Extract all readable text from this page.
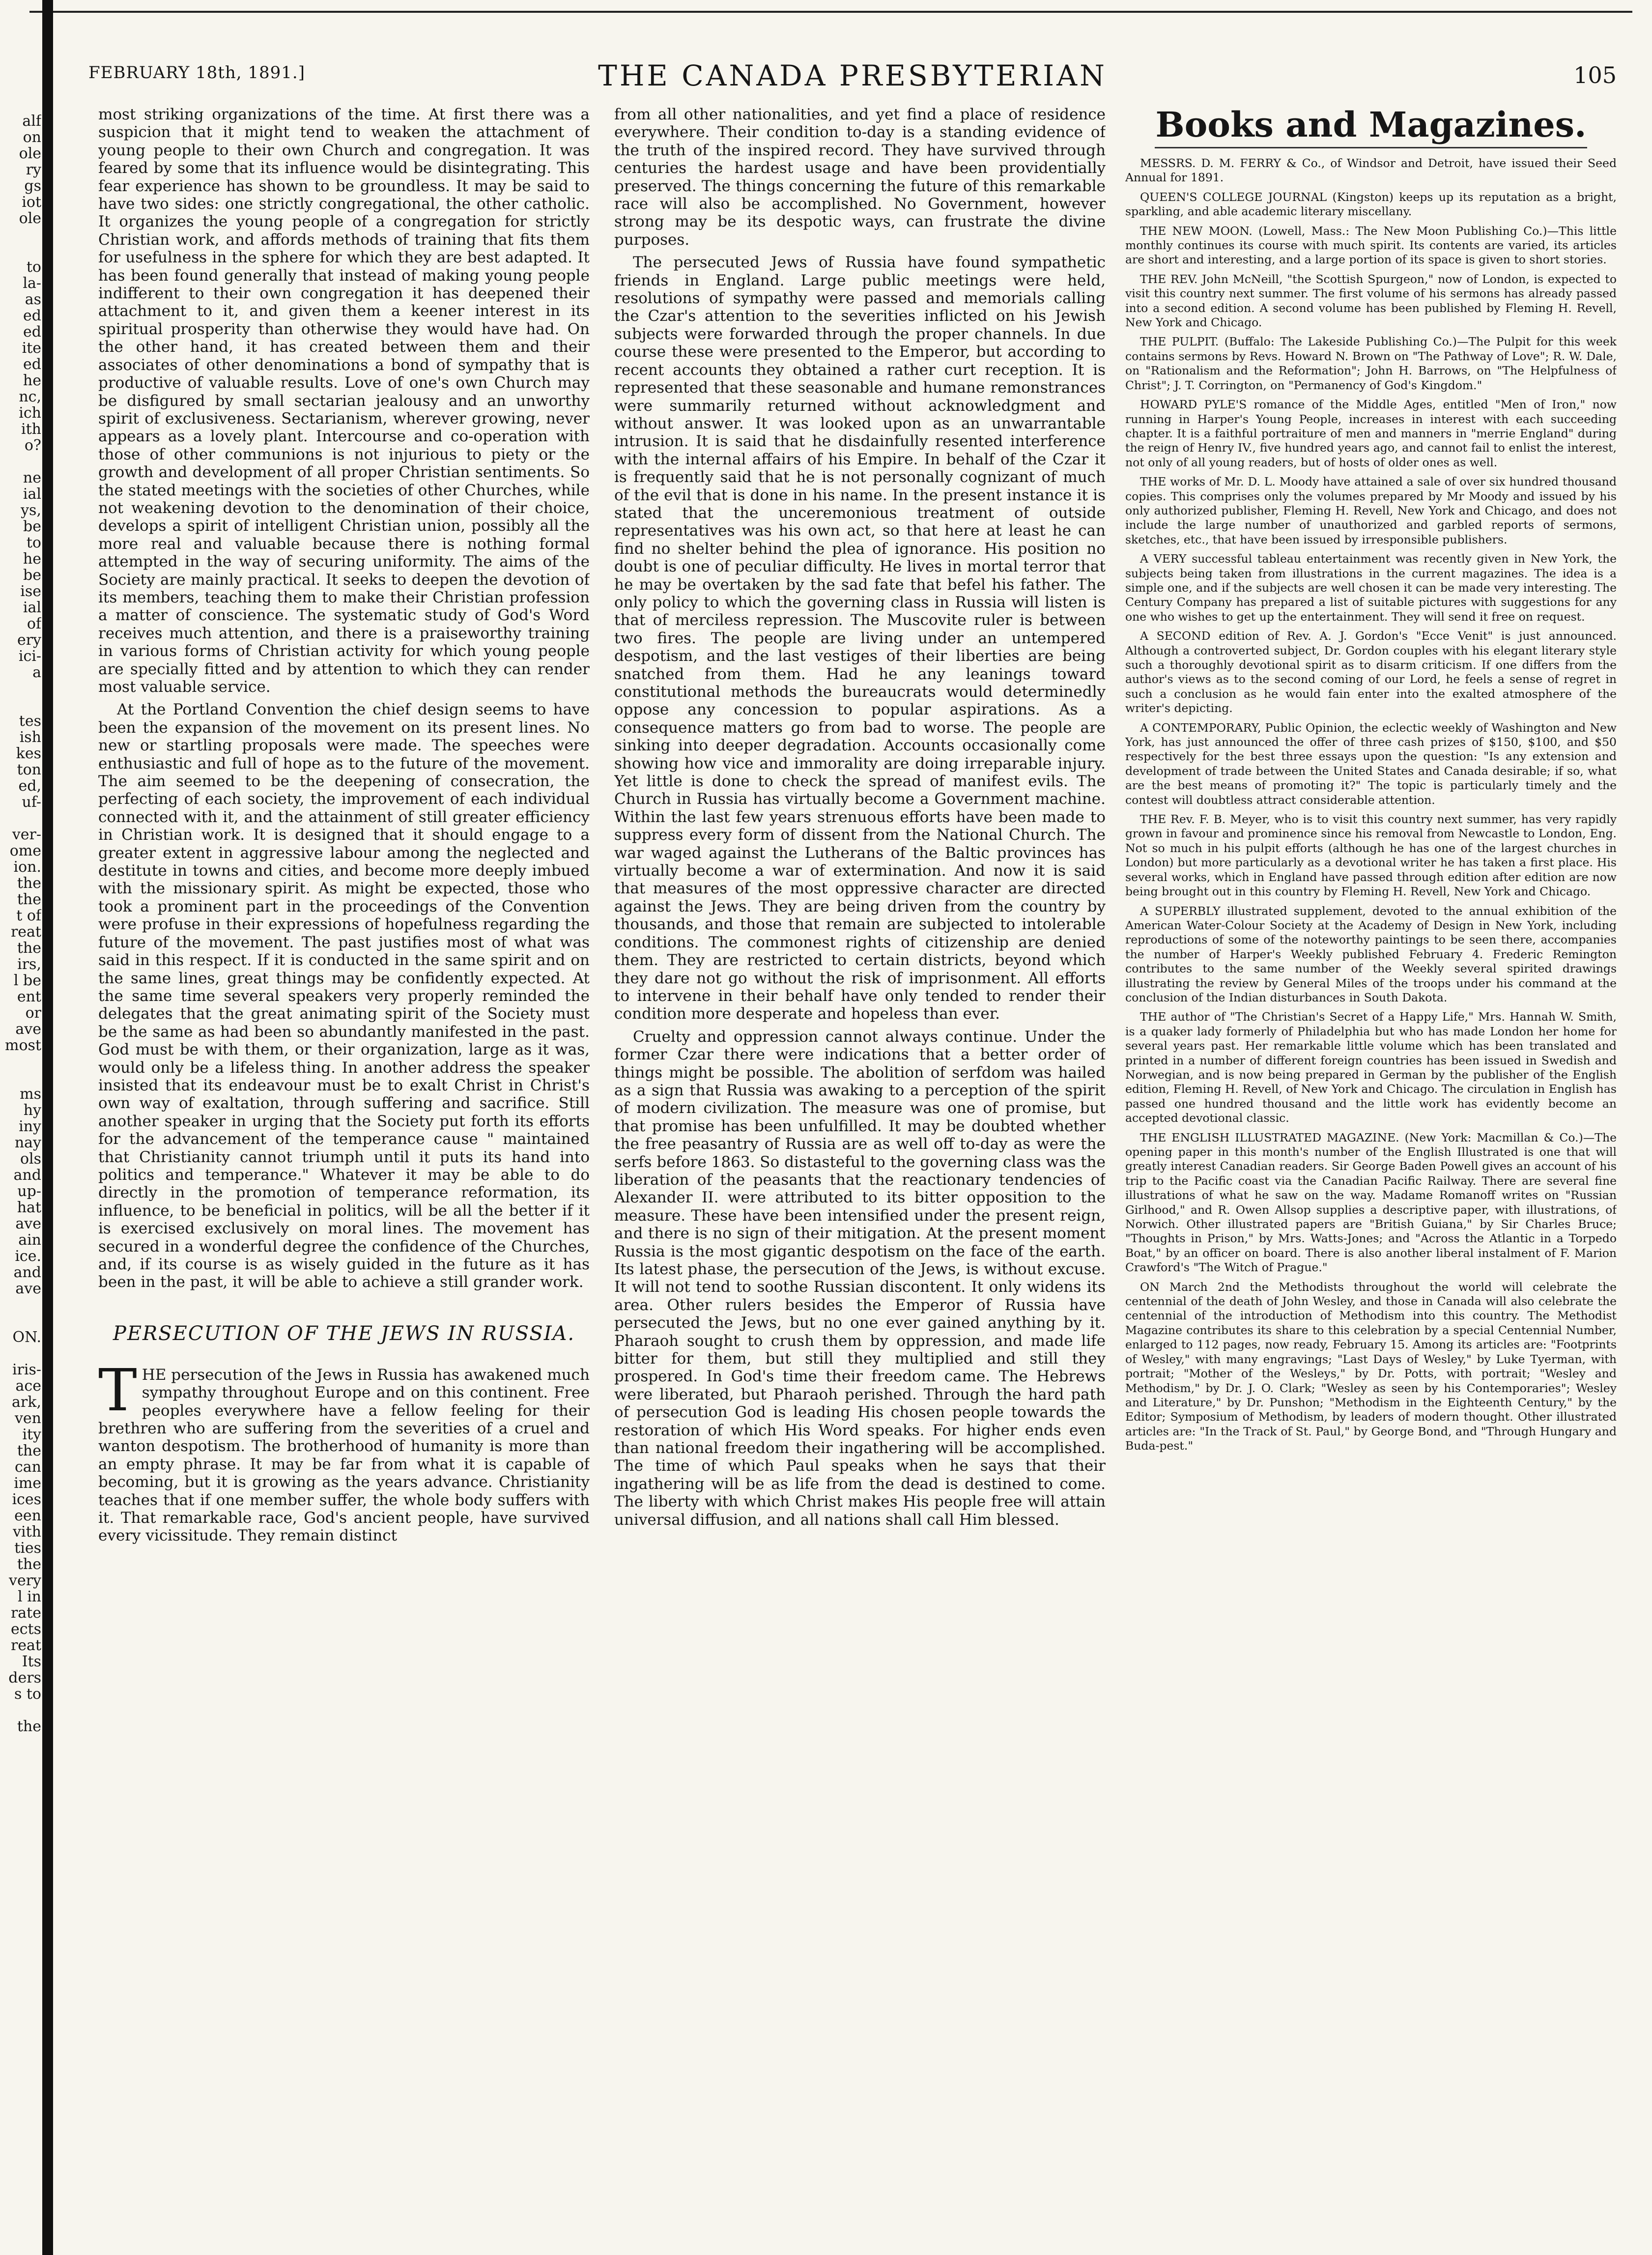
alf
on
ole
ry
gs
iot
ole
to
la-
as
ed
ed
ite
ed
he
nc,
ich
ith
o?
ne
ial
ys,
be
to
he
be
ise
ial
of
ery
ici-
a
tes
ish
kes
ton
ed,
uf-
ver-
ome
ion.
the
the
t of
reat
the
irs,
l be
ent
or
ave
most
ms
hy
iny
nay
ols
and
up-
hat
ave
ain
ice.
and
ave
ON.
iris-
ace
ark,
ven
ity
the
can
ime
ices
een
vith
ties
the
very
l in
rate
ects
reat
Its
ders
s to
the
FEBRUARY 18th, 1891.]	THE CANADA PRESBYTERIAN	105

most striking organizations of the time. At first there was a suspicion that it might tend to weaken the attachment of young people to their own Church and congregation. It was feared by some that its influence would be disintegrating. This fear experience has shown to be groundless. It may be said to have two sides: one strictly congregational, the other catholic. It organizes the young people of a congregation for strictly Christian work, and affords methods of training that fits them for usefulness in the sphere for which they are best adapted. It has been found generally that instead of making young people indifferent to their own congregation it has deepened their attachment to it, and given them a keener interest in its spiritual prosperity than otherwise they would have had. On the other hand, it has created between them and their associates of other denominations a bond of sympathy that is productive of valuable results. Love of one's own Church may be disfigured by small sectarian jealousy and an unworthy spirit of exclusiveness. Sectarianism, wherever growing, never appears as a lovely plant. Intercourse and co-operation with those of other communions is not injurious to piety or the growth and development of all proper Christian sentiments. So the stated meetings with the societies of other Churches, while not weakening devotion to the denomination of their choice, develops a spirit of intelligent Christian union, possibly all the more real and valuable because there is nothing formal attempted in the way of securing uniformity. The aims of the Society are mainly practical. It seeks to deepen the devotion of its members, teaching them to make their Christian profession a matter of conscience. The systematic study of God's Word receives much attention, and there is a praiseworthy training in various forms of Christian activity for which young people are specially fitted and by attention to which they can render most valuable service.

At the Portland Convention the chief design seems to have been the expansion of the movement on its present lines. No new or startling proposals were made. The speeches were enthusiastic and full of hope as to the future of the movement. The aim seemed to be the deepening of consecration, the perfecting of each society, the improvement of each individual connected with it, and the attainment of still greater efficiency in Christian work. It is designed that it should engage to a greater extent in aggressive labour among the neglected and destitute in towns and cities, and become more deeply imbued with the missionary spirit. As might be expected, those who took a prominent part in the proceedings of the Convention were profuse in their expressions of hopefulness regarding the future of the movement. The past justifies most of what was said in this respect. If it is conducted in the same spirit and on the same lines, great things may be confidently expected. At the same time several speakers very properly reminded the delegates that the great animating spirit of the Society must be the same as had been so abundantly manifested in the past. God must be with them, or their organization, large as it was, would only be a lifeless thing. In another address the speaker insisted that its endeavour must be to exalt Christ in Christ's own way of exaltation, through suffering and sacrifice. Still another speaker in urging that the Society put forth its efforts for the advancement of the temperance cause " maintained that Christianity cannot triumph until it puts its hand into politics and temperance." Whatever it may be able to do directly in the promotion of temperance reformation, its influence, to be beneficial in politics, will be all the better if it is exercised exclusively on moral lines. The movement has secured in a wonderful degree the confidence of the Churches, and, if its course is as wisely guided in the future as it has been in the past, it will be able to achieve a still grander work.

PERSECUTION OF THE JEWS IN RUSSIA.

THE persecution of the Jews in Russia has awakened much sympathy throughout Europe and on this continent. Free peoples everywhere have a fellow feeling for their brethren who are suffering from the severities of a cruel and wanton despotism. The brotherhood of humanity is more than an empty phrase. It may be far from what it is capable of becoming, but it is growing as the years advance. Christianity teaches that if one member suffer, the whole body suffers with it. That remarkable race, God's ancient people, have survived every vicissitude. They remain distinct

from all other nationalities, and yet find a place of residence everywhere. Their condition to-day is a standing evidence of the truth of the inspired record. They have survived through centuries the hardest usage and have been providentially preserved. The things concerning the future of this remarkable race will also be accomplished. No Government, however strong may be its despotic ways, can frustrate the divine purposes.

The persecuted Jews of Russia have found sympathetic friends in England. Large public meetings were held, resolutions of sympathy were passed and memorials calling the Czar's attention to the severities inflicted on his Jewish subjects were forwarded through the proper channels. In due course these were presented to the Emperor, but according to recent accounts they obtained a rather curt reception. It is represented that these seasonable and humane remonstrances were summarily returned without acknowledgment and without answer. It was looked upon as an unwarrantable intrusion. It is said that he disdainfully resented interference with the internal affairs of his Empire. In behalf of the Czar it is frequently said that he is not personally cognizant of much of the evil that is done in his name. In the present instance it is stated that the unceremonious treatment of outside representatives was his own act, so that here at least he can find no shelter behind the plea of ignorance. His position no doubt is one of peculiar difficulty. He lives in mortal terror that he may be overtaken by the sad fate that befel his father. The only policy to which the governing class in Russia will listen is that of merciless repression. The Muscovite ruler is between two fires. The people are living under an untempered despotism, and the last vestiges of their liberties are being snatched from them. Had he any leanings toward constitutional methods the bureaucrats would determinedly oppose any concession to popular aspirations. As a consequence matters go from bad to worse. The people are sinking into deeper degradation. Accounts occasionally come showing how vice and immorality are doing irreparable injury. Yet little is done to check the spread of manifest evils. The Church in Russia has virtually become a Government machine. Within the last few years strenuous efforts have been made to suppress every form of dissent from the National Church. The war waged against the Lutherans of the Baltic provinces has virtually become a war of extermination. And now it is said that measures of the most oppressive character are directed against the Jews. They are being driven from the country by thousands, and those that remain are subjected to intolerable conditions. The commonest rights of citizenship are denied them. They are restricted to certain districts, beyond which they dare not go without the risk of imprisonment. All efforts to intervene in their behalf have only tended to render their condition more desperate and hopeless than ever.

Cruelty and oppression cannot always continue. Under the former Czar there were indications that a better order of things might be possible. The abolition of serfdom was hailed as a sign that Russia was awaking to a perception of the spirit of modern civilization. The measure was one of promise, but that promise has been unfulfilled. It may be doubted whether the free peasantry of Russia are as well off to-day as were the serfs before 1863. So distasteful to the governing class was the liberation of the peasants that the reactionary tendencies of Alexander II. were attributed to its bitter opposition to the measure. These have been intensified under the present reign, and there is no sign of their mitigation. At the present moment Russia is the most gigantic despotism on the face of the earth. Its latest phase, the persecution of the Jews, is without excuse. It will not tend to soothe Russian discontent. It only widens its area. Other rulers besides the Emperor of Russia have persecuted the Jews, but no one ever gained anything by it. Pharaoh sought to crush them by oppression, and made life bitter for them, but still they multiplied and still they prospered. In God's time their freedom came. The Hebrews were liberated, but Pharaoh perished. Through the hard path of persecution God is leading His chosen people towards the restoration of which His Word speaks. For higher ends even than national freedom their ingathering will be accomplished. The time of which Paul speaks when he says that their ingathering will be as life from the dead is destined to come. The liberty with which Christ makes His people free will attain universal diffusion, and all nations shall call Him blessed.

Books and Magazines.

MESSRS. D. M. FERRY & Co., of Windsor and Detroit, have issued their Seed Annual for 1891.

QUEEN'S COLLEGE JOURNAL (Kingston) keeps up its reputation as a bright, sparkling, and able academic literary miscellany.

THE NEW MOON. (Lowell, Mass.: The New Moon Publishing Co.)—This little monthly continues its course with much spirit. Its contents are varied, its articles are short and interesting, and a large portion of its space is given to short stories.

THE REV. John McNeill, "the Scottish Spurgeon," now of London, is expected to visit this country next summer. The first volume of his sermons has already passed into a second edition. A second volume has been published by Fleming H. Revell, New York and Chicago.

THE PULPIT. (Buffalo: The Lakeside Publishing Co.)—The Pulpit for this week contains sermons by Revs. Howard N. Brown on "The Pathway of Love"; R. W. Dale, on "Rationalism and the Reformation"; John H. Barrows, on "The Helpfulness of Christ"; J. T. Corrington, on "Permanency of God's Kingdom."

HOWARD PYLE'S romance of the Middle Ages, entitled "Men of Iron," now running in Harper's Young People, increases in interest with each succeeding chapter. It is a faithful portraiture of men and manners in "merrie England" during the reign of Henry IV., five hundred years ago, and cannot fail to enlist the interest, not only of all young readers, but of hosts of older ones as well.

THE works of Mr. D. L. Moody have attained a sale of over six hundred thousand copies. This comprises only the volumes prepared by Mr Moody and issued by his only authorized publisher, Fleming H. Revell, New York and Chicago, and does not include the large number of unauthorized and garbled reports of sermons, sketches, etc., that have been issued by irresponsible publishers.

A VERY successful tableau entertainment was recently given in New York, the subjects being taken from illustrations in the current magazines. The idea is a simple one, and if the subjects are well chosen it can be made very interesting. The Century Company has prepared a list of suitable pictures with suggestions for any one who wishes to get up the entertainment. They will send it free on request.

A SECOND edition of Rev. A. J. Gordon's "Ecce Venit" is just announced. Although a controverted subject, Dr. Gordon couples with his elegant literary style such a thoroughly devotional spirit as to disarm criticism. If one differs from the author's views as to the second coming of our Lord, he feels a sense of regret in such a conclusion as he would fain enter into the exalted atmosphere of the writer's depicting.

A CONTEMPORARY, Public Opinion, the eclectic weekly of Washington and New York, has just announced the offer of three cash prizes of $150, $100, and $50 respectively for the best three essays upon the question: "Is any extension and development of trade between the United States and Canada desirable; if so, what are the best means of promoting it?" The topic is particularly timely and the contest will doubtless attract considerable attention.

THE Rev. F. B. Meyer, who is to visit this country next summer, has very rapidly grown in favour and prominence since his removal from Newcastle to London, Eng. Not so much in his pulpit efforts (although he has one of the largest churches in London) but more particularly as a devotional writer he has taken a first place. His several works, which in England have passed through edition after edition are now being brought out in this country by Fleming H. Revell, New York and Chicago.

A SUPERBLY illustrated supplement, devoted to the annual exhibition of the American Water-Colour Society at the Academy of Design in New York, including reproductions of some of the noteworthy paintings to be seen there, accompanies the number of Harper's Weekly published February 4. Frederic Remington contributes to the same number of the Weekly several spirited drawings illustrating the review by General Miles of the troops under his command at the conclusion of the Indian disturbances in South Dakota.

THE author of "The Christian's Secret of a Happy Life," Mrs. Hannah W. Smith, is a quaker lady formerly of Philadelphia but who has made London her home for several years past. Her remarkable little volume which has been translated and printed in a number of different foreign countries has been issued in Swedish and Norwegian, and is now being prepared in German by the publisher of the English edition, Fleming H. Revell, of New York and Chicago. The circulation in English has passed one hundred thousand and the little work has evidently become an accepted devotional classic.

THE ENGLISH ILLUSTRATED MAGAZINE. (New York: Macmillan & Co.)—The opening paper in this month's number of the English Illustrated is one that will greatly interest Canadian readers. Sir George Baden Powell gives an account of his trip to the Pacific coast via the Canadian Pacific Railway. There are several fine illustrations of what he saw on the way. Madame Romanoff writes on "Russian Girlhood," and R. Owen Allsop supplies a descriptive paper, with illustrations, of Norwich. Other illustrated papers are "British Guiana," by Sir Charles Bruce; "Thoughts in Prison," by Mrs. Watts-Jones; and "Across the Atlantic in a Torpedo Boat," by an officer on board. There is also another liberal instalment of F. Marion Crawford's "The Witch of Prague."

ON March 2nd the Methodists throughout the world will celebrate the centennial of the death of John Wesley, and those in Canada will also celebrate the centennial of the introduction of Methodism into this country. The Methodist Magazine contributes its share to this celebration by a special Centennial Number, enlarged to 112 pages, now ready, February 15. Among its articles are: "Footprints of Wesley," with many engravings; "Last Days of Wesley," by Luke Tyerman, with portrait; "Mother of the Wesleys," by Dr. Potts, with portrait; "Wesley and Methodism," by Dr. J. O. Clark; "Wesley as seen by his Contemporaries"; Wesley and Literature," by Dr. Punshon; "Methodism in the Eighteenth Century," by the Editor; Symposium of Methodism, by leaders of modern thought. Other illustrated articles are: "In the Track of St. Paul," by George Bond, and "Through Hungary and Buda-pest."
